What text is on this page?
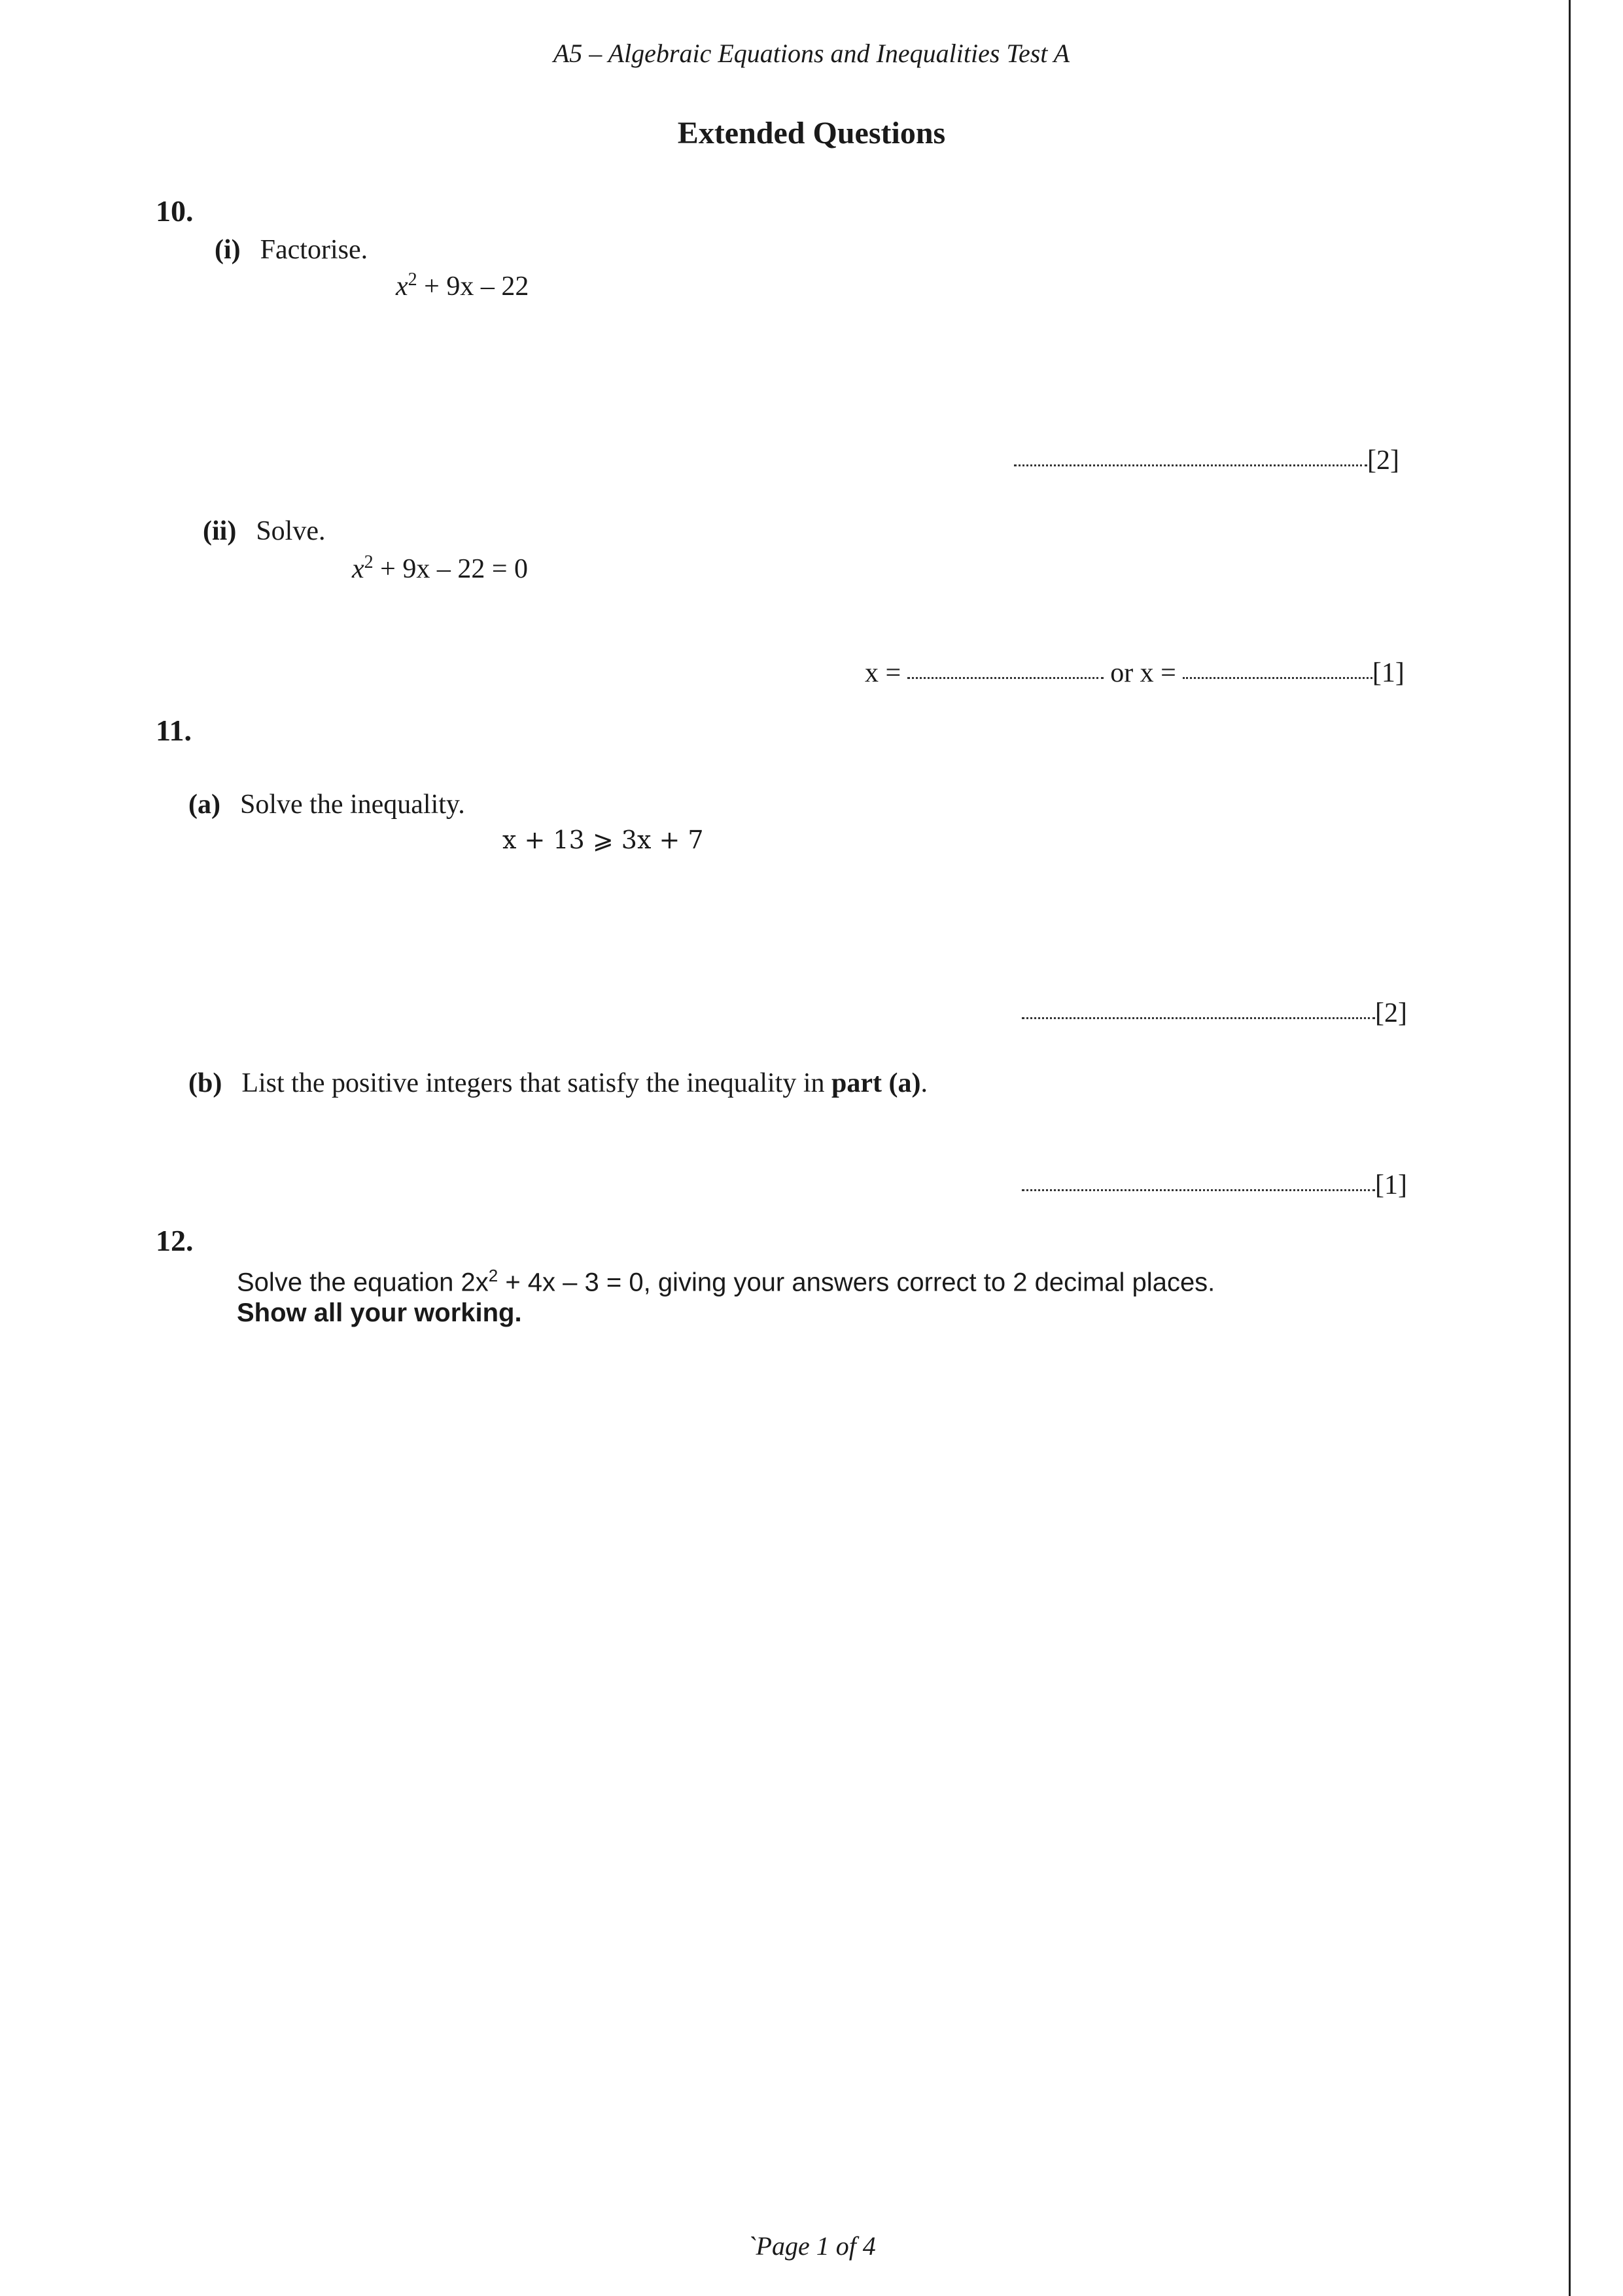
A5 – Algebraic Equations and Inequalities Test A
Extended Questions
10.
(i) Factorise.
$x^2 + 9x - 22$
[2]
(ii) Solve.
$x^2 + 9x - 22 = 0$
x =	or x =	[1]
11.
(a) Solve the inequality.
x + 13 ⩾ 3x + 7
[2]
(b) List the positive integers that satisfy the inequality in part (a).
[1]
12.
Solve the equation $2x^2 + 4x - 3 = 0$, giving your answers correct to 2 decimal places.
Show all your working.
`Page 1 of 4
